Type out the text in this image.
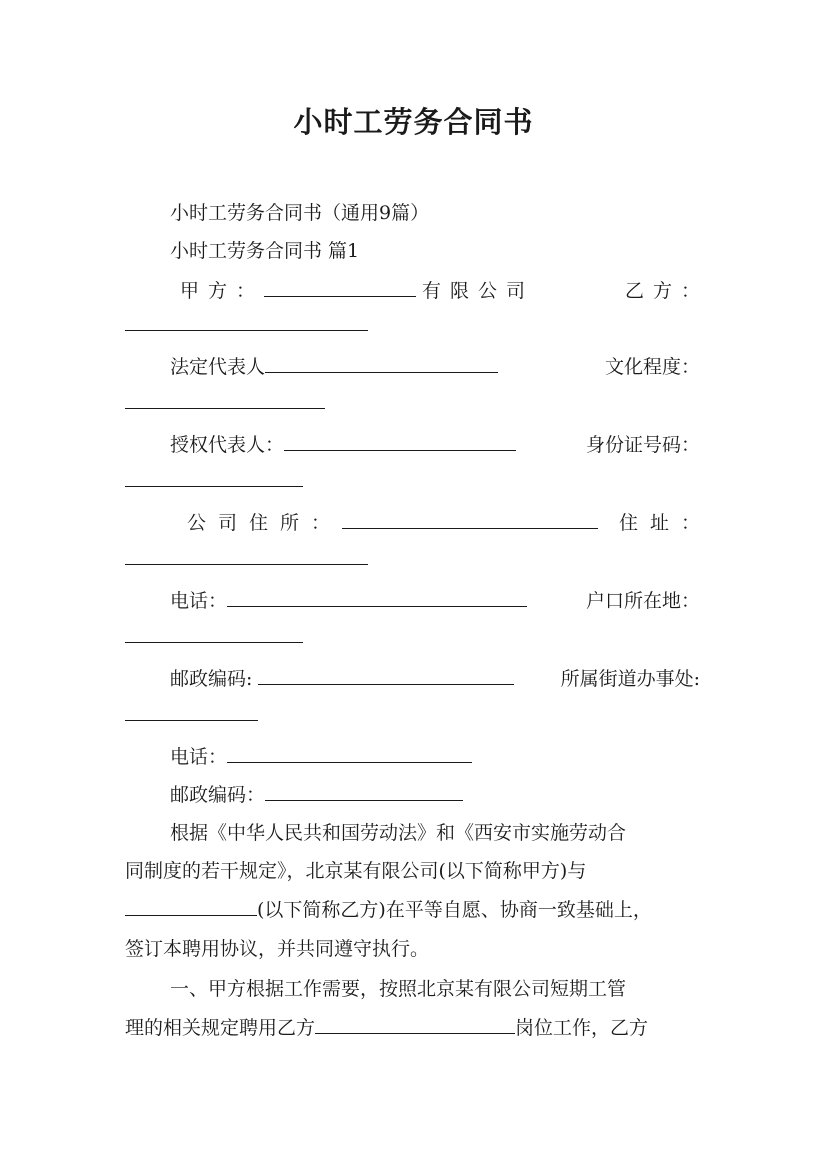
小时工劳务合同书
小时工劳务合同书（通用9篇）
小时工劳务合同书 篇1
甲方：	有限公司	乙方：
法定代表人	文化程度：
授权代表人：	身份证号码：
公司住所：	住址：
电话：	户口所在地：
邮政编码:	所属街道办事处:
电话：
邮政编码：
根据《中华人民共和国劳动法》和《西安市实施劳动合
同制度的若干规定》，北京某有限公司(以下简称甲方)与
(以下简称乙方)在平等自愿、协商一致基础上，
签订本聘用协议，并共同遵守执行。
一、甲方根据工作需要，按照北京某有限公司短期工管
理的相关规定聘用乙方	岗位工作，乙方
